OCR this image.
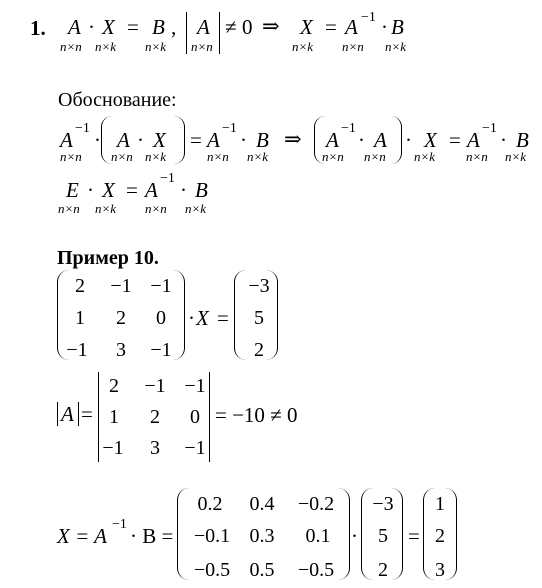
1. A · X = B , A ≠ 0 ⇒ X = A −1 · B
n×n n×k n×k n×n	n×k n×n n×k
Обоснование:
A −1 · A · X = A −1 · B ⇒ A −1 · A · X = A −1 · B
n×n n×n n×k	n×n n×k	n×n n×n n×k n×n n×k
E · X = A −1 · B
n×n n×k n×n n×k
Пример 10.
2 −1 −1
1	2	0
−1	3	−1
· X =
−3
5
2
A =
2 −1 −1
1	2	0
−1	3	−1
= −10 ≠ 0
X = A −1 · B =
0.2	0.4	−0.2
−0.1 0.3	0.1
−0.5 0.5	−0.5
·
−3
5
2
=
1
2
3
